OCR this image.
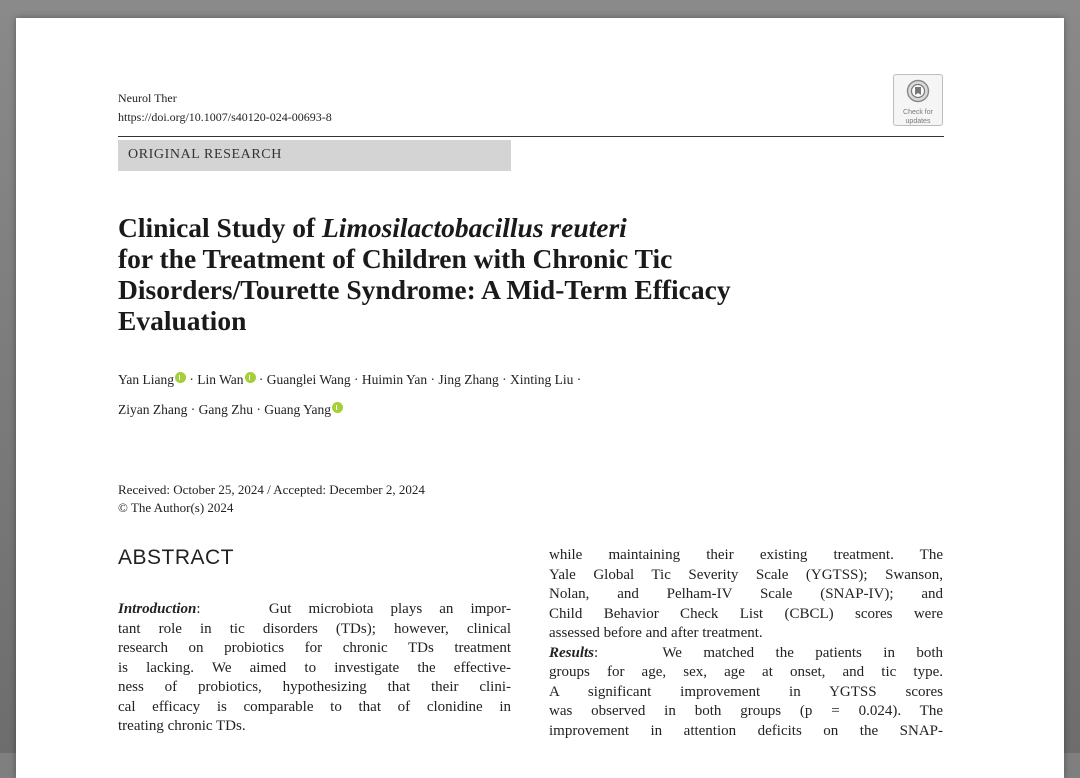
Neurol Ther
https://doi.org/10.1007/s40120-024-00693-8	Check for
updates
ORIGINAL RESEARCH
Clinical Study of Limosilactobacillus reuteri
for the Treatment of Children with Chronic Tic
Disorders/Tourette Syndrome: A Mid-Term Efficacy
Evaluation
Yan Liang · Lin Wan · Guanglei Wang · Huimin Yan · Jing Zhang · Xinting Liu ·
Ziyan Zhang · Gang Zhu · Guang Yang
Received: October 25, 2024 / Accepted: December 2, 2024
© The Author(s) 2024
ABSTRACT
Introduction:	Gut microbiota plays an impor-
tant role in tic disorders (TDs); however, clinical
research on probiotics for chronic TDs treatment
is lacking. We aimed to investigate the effective-
ness of probiotics, hypothesizing that their clini-
cal efficacy is comparable to that of clonidine in
treating chronic TDs.
while maintaining their existing treatment. The
Yale Global Tic Severity Scale (YGTSS); Swanson,
Nolan, and Pelham-IV Scale (SNAP-IV); and
Child Behavior Check List (CBCL) scores were
assessed before and after treatment.
Results:	We matched the patients in both
groups for age, sex, age at onset, and tic type.
A significant improvement in YGTSS scores
was observed in both groups (p = 0.024). The
improvement in attention deficits on the SNAP-
